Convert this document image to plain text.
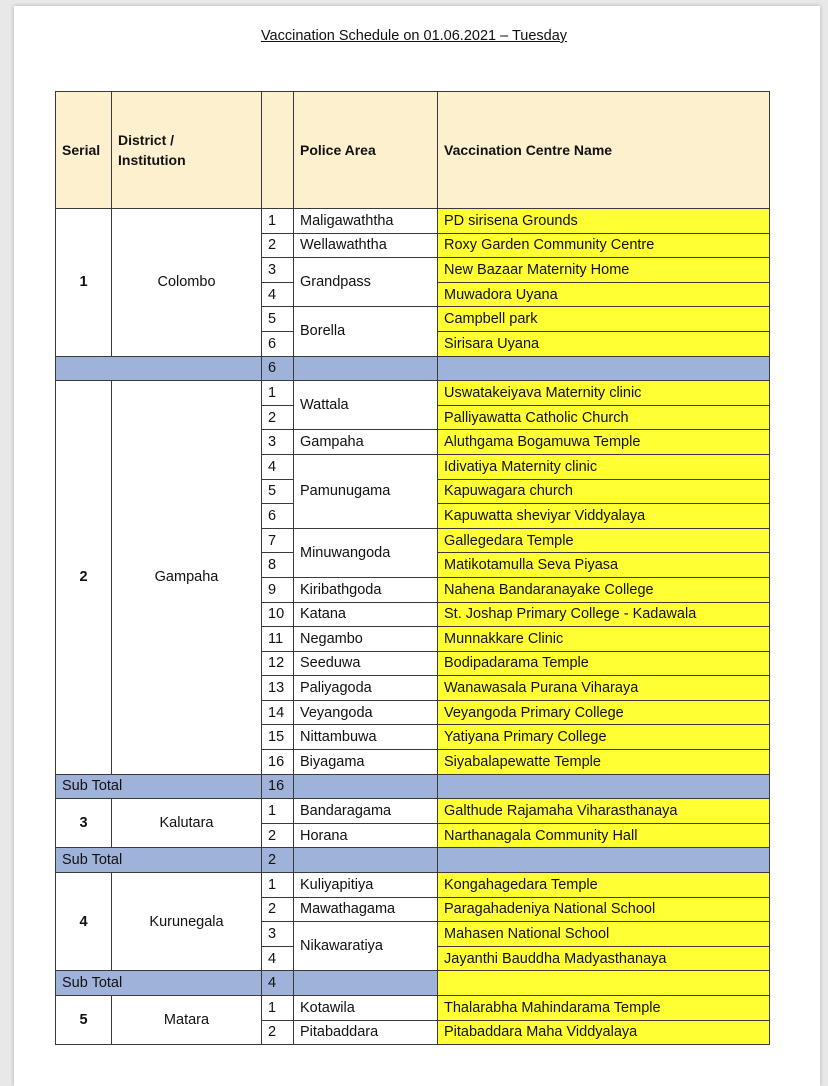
Vaccination Schedule on 01.06.2021 – Tuesday
Serial	District /
Institution		Police Area	Vaccination Centre Name
1	Colombo	1	Maligawaththa	PD sirisena Grounds
		2	Wellawaththa	Roxy Garden Community Centre
		3	Grandpass	New Bazaar Maternity Home
		4		Muwadora Uyana
		5	Borella	Campbell park
		6		Sirisara Uyana
		6		
2	Gampaha	1	Wattala	Uswatakeiyava Maternity clinic
		2		Palliyawatta Catholic Church
		3	Gampaha	Aluthgama Bogamuwa Temple
		4	Pamunugama	Idivatiya Maternity clinic
		5		Kapuwagara church
		6		Kapuwatta sheviyar Viddyalaya
		7	Minuwangoda	Gallegedara Temple
		8		Matikotamulla Seva Piyasa
		9	Kiribathgoda	Nahena Bandaranayake College
		10	Katana	St. Joshap Primary College - Kadawala
		11	Negambo	Munnakkare Clinic
		12	Seeduwa	Bodipadarama Temple
		13	Paliyagoda	Wanawasala Purana Viharaya
		14	Veyangoda	Veyangoda Primary College
		15	Nittambuwa	Yatiyana Primary College
		16	Biyagama	Siyabalapewatte Temple
Sub Total		16		
3	Kalutara	1	Bandaragama	Galthude Rajamaha Viharasthanaya
		2	Horana	Narthanagala Community Hall
Sub Total		2		
4	Kurunegala	1	Kuliyapitiya	Kongahagedara Temple
		2	Mawathagama	Paragahadeniya National School
		3	Nikawaratiya	Mahasen National School
		4		Jayanthi Bauddha Madyasthanaya
Sub Total		4		
5	Matara	1	Kotawila	Thalarabha Mahindarama Temple
		2	Pitabaddara	Pitabaddara Maha Viddyalaya
